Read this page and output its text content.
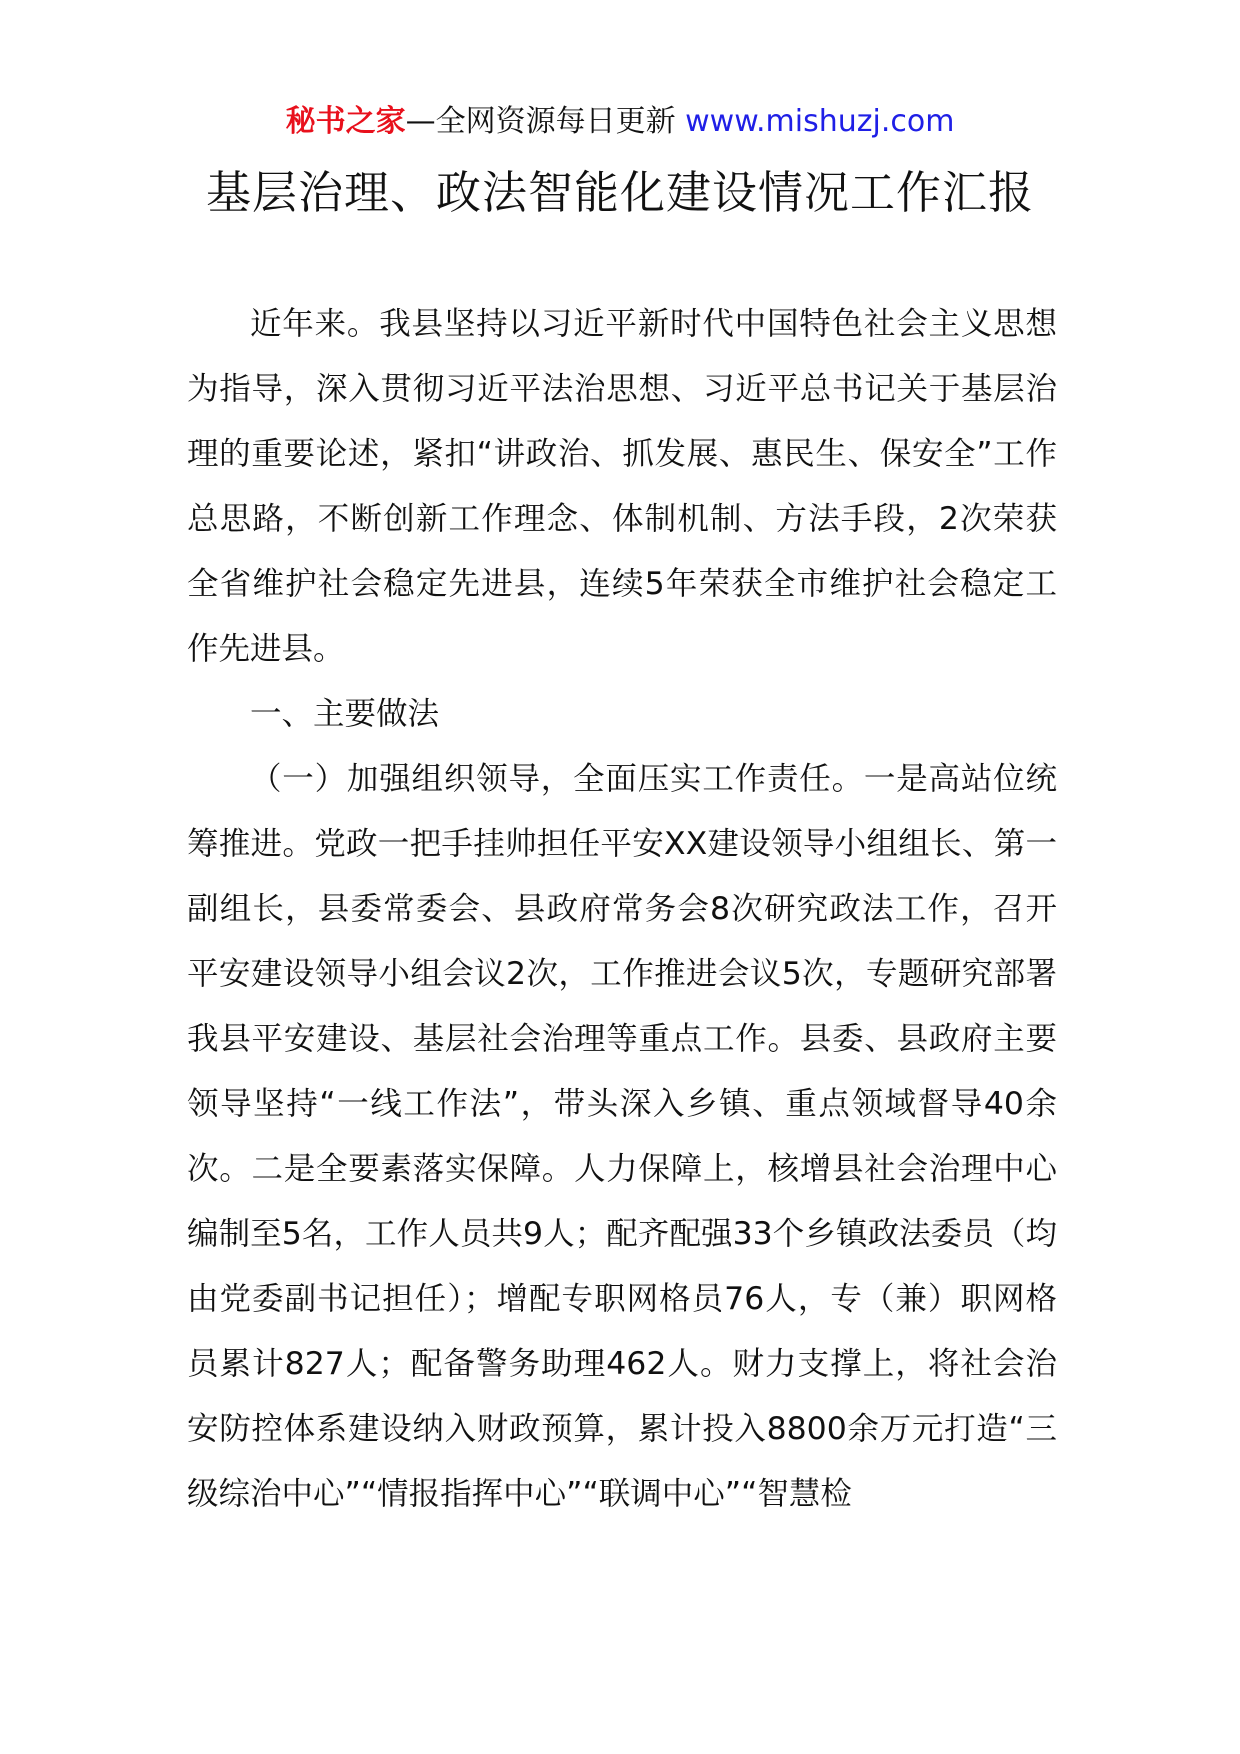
秘书之家—全网资源每日更新 www.mishuzj.com
基层治理、政法智能化建设情况工作汇报

近年来。我县坚持以习近平新时代中国特色社会主义思想为指导，深入贯彻习近平法治思想、习近平总书记关于基层治理的重要论述，紧扣“讲政治、抓发展、惠民生、保安全”工作总思路，不断创新工作理念、体制机制、方法手段，2次荣获全省维护社会稳定先进县，连续5年荣获全市维护社会稳定工作先进县。

一、主要做法

（一）加强组织领导，全面压实工作责任。一是高站位统筹推进。党政一把手挂帅担任平安XX建设领导小组组长、第一副组长，县委常委会、县政府常务会8次研究政法工作，召开平安建设领导小组会议2次，工作推进会议5次，专题研究部署我县平安建设、基层社会治理等重点工作。县委、县政府主要领导坚持“一线工作法”，带头深入乡镇、重点领域督导40余次。二是全要素落实保障。人力保障上，核增县社会治理中心编制至5名，工作人员共9人；配齐配强33个乡镇政法委员（均由党委副书记担任）；增配专职网格员76人，专（兼）职网格员累计827人；配备警务助理462人。财力支撑上，将社会治安防控体系建设纳入财政预算，累计投入8800余万元打造“三级综治中心”“情报指挥中心”“联调中心”“智慧检
